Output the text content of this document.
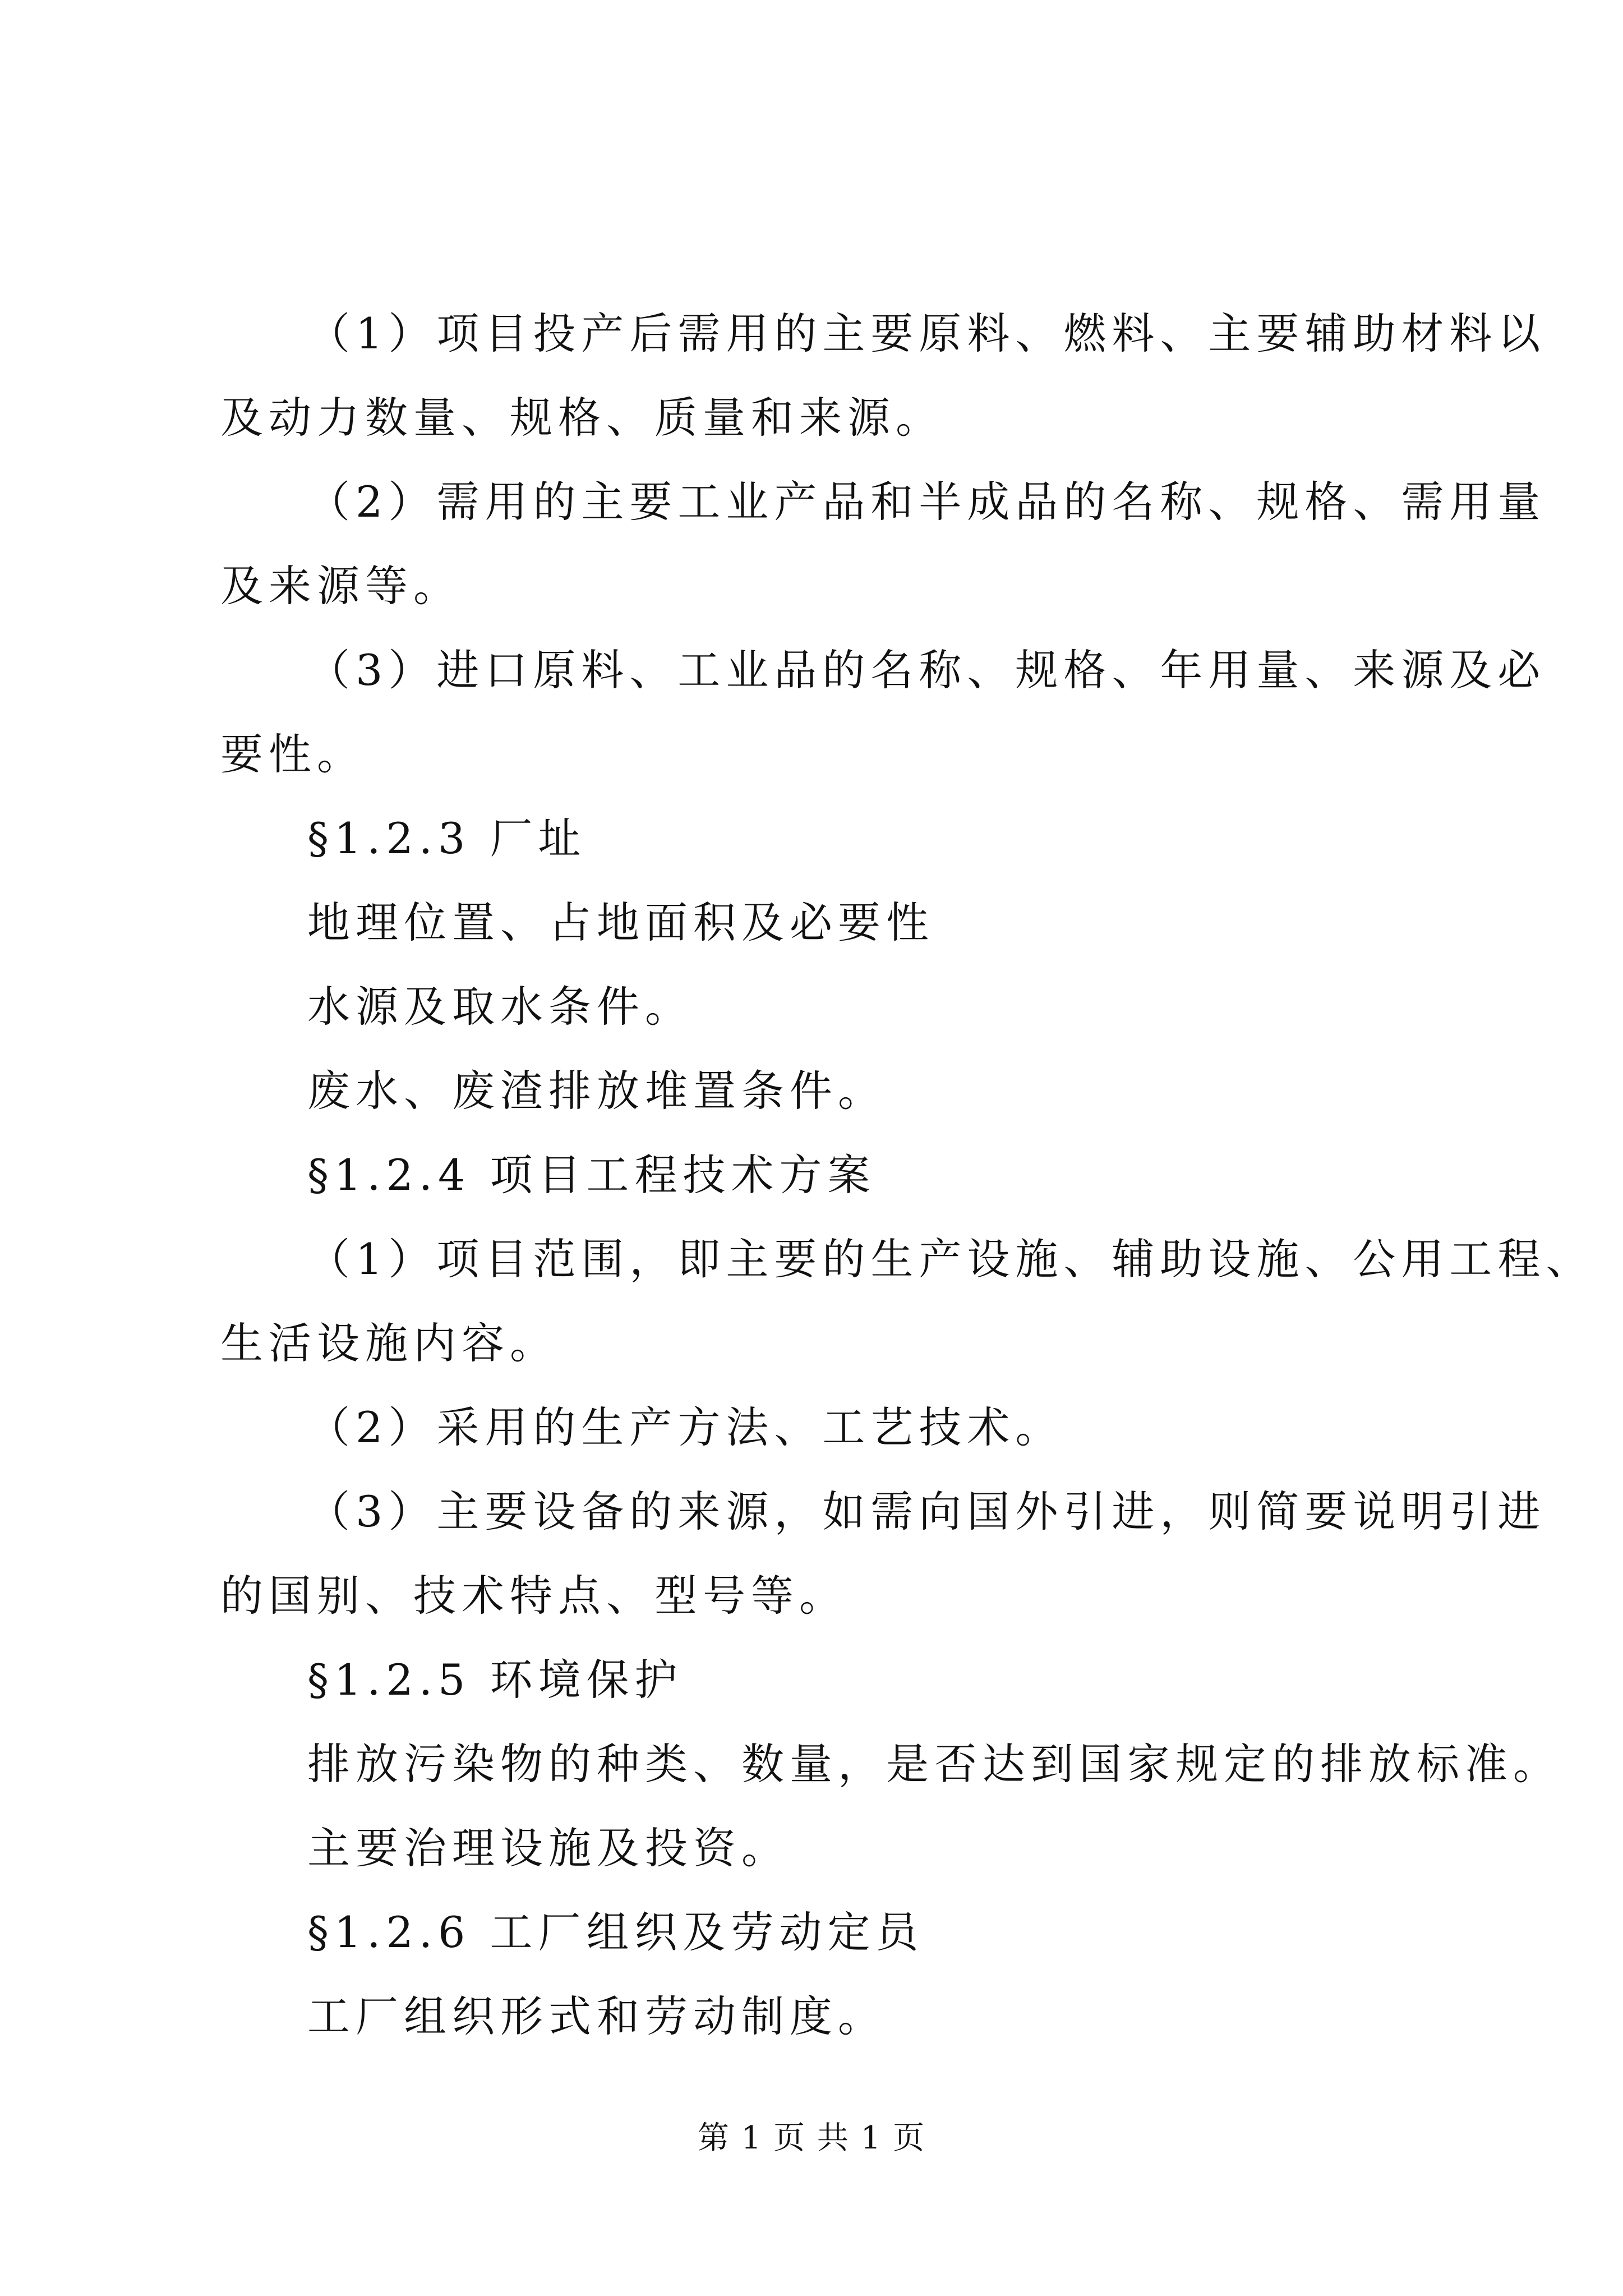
（1）项目投产后需用的主要原料、燃料、主要辅助材料以
及动力数量、规格、质量和来源。
（2）需用的主要工业产品和半成品的名称、规格、需用量
及来源等。
（3）进口原料、工业品的名称、规格、年用量、来源及必
要性。
§1.2.3 厂址
地理位置、占地面积及必要性
水源及取水条件。
废水、废渣排放堆置条件。
§1.2.4 项目工程技术方案
（1）项目范围，即主要的生产设施、辅助设施、公用工程、
生活设施内容。
（2）采用的生产方法、工艺技术。
（3）主要设备的来源，如需向国外引进，则简要说明引进
的国别、技术特点、型号等。
§1.2.5 环境保护
排放污染物的种类、数量，是否达到国家规定的排放标准。
主要治理设施及投资。
§1.2.6 工厂组织及劳动定员
工厂组织形式和劳动制度。
第 1 页 共 1 页
